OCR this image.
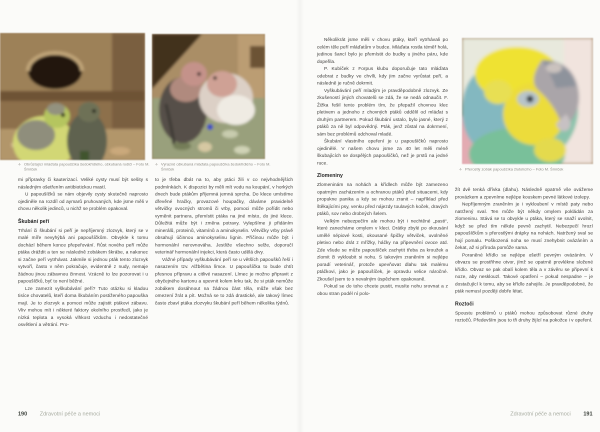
✛ Obrůstající mláďata papouščíka šedokřídlého, oškubaná rodiči – Foto M. Šmrček
✛ Výrazně oškubaná mláďata papouščíka šedokřídlého – Foto M. Šmrček

mi přípravky či kauterizací. Veliké cysty musí být sešity s následným ošetřením antibiotickou mastí.

U papoušíčků se nám objevily cysty skutečně naprosto ojediněle na rozdíl od aymarů pruhovaných, kde jsme měli v chovu několik jedinců, u nichž se problém opakoval.

Škubání peří

Trhání či škubání si peří je nepříjemný zlozvyk, který se v malé míře nevyhýbá ani papoušíčkům. Obvykle k tomu dochází během konce přepeřování. Růst nového peří může ptáka dráždit a ten se následně zobákem škrábe, a nakonec si začne peří vytrhávat. Jakmile si jednou pták tento zlozvyk vytvoří, často v něm pokračuje, evidentně z nudy, nemaje žádnou jinou zábavnou činnost. Vzácně to lze pozorovat i u papoušíčků, byť to není běžné.

Lze zamezit vyškubávání peří? Tuto otázku si kladou tisíce chovatelů, kteří doma škubáním postiženého papouška mají. Je to zlozvyk a pomoci může zajistit ptákovi zábavu. Vliv mohou mít i některé faktory okolního prostředí, jako je nízká teplota a vysoká vlhkost vzduchu i nedostatečné osvětlení a větrání. Pro-

to je třeba dbát na to, aby ptáci žili v co nejvhodnějších podmínkách. K dispozici by měli mít vodu na koupání, v horkých dnech bude ptákům příjemná jemná sprcha. Do klece umístíme dřevěné hračky, provazové houpačky, dáváme pravidelně větvičky ovocných stromů či vrby, pomoci může pořídit nebo vyměnit partnera, přemístit ptáka na jiné místo, do jiné klece. Důležitá může být i změna potravy. Vylepšíme ji přidáním minerálů, proteinů, vitamínů a aminokyselin. Větvičky vrby právě obsahují účinnou aminokyselinu lignin. Příčinou může být i hormonální nerovnováha. Jestliže všechno selže, doporučí veterinář hormonální injekci, která často udělá divy.

Vážné případy vyškubávání peří se u větších papoušků řeší i nasazením tzv. Alžbětina límce. U papoušíčka to bude chtít přesnou přípravu a citlivé nasazení. Límec je možno připravit z obyčejného kartonu a upevnit kolem krku tak, že si pták nemůže zobákem dosáhnout na žádnou část těla, může však bez omezení žrát a pít. Možná se to zdá drastické, ale takový límec často zbaví ptáka zlozvyku škubání peří během několika týdnů.

190 Zdravotní péče a nemoci

Několikrát jsme měli v chovu ptáky, kteří vytrhávali po celém těle peří mláďatům v budce. Mláďata rostla téměř holá, jedinou šancí bylo je přemístit do budky u jiného páru, kde dopeřila.

P. Kubíček z Forpus klubu doporučuje tato mláďata odebrat z budky ve chvíli, kdy jim začne vyrůstat peří, a následně je ručně dokrmit.

Vyškubávání peří mladým je pravděpodobně zlozvyk. Ze zkušeností jiných chovatelů se zdá, že se nedá odnaučit. F. Žižka řešil tento problém tím, že přepažil chovnou klec pletivem a jednoho z chovných ptáků oddělil od mláďat s druhým partnerem. Pokud škubání ustalo, bylo jasné, který z ptáků za ně byl odpovědný. Pták, jenž zůstal na dokrmení, sám bez problémů odchoval mladé.

Škubání vlastního opeření je u papoušíčků naprosto ojedinělé. V našem chovu jsme za 40 let měli méně škubajících se dospělých papoušíčků, než je prstů na jedné ruce.

Zlomeniny

Zlomeninám na nohách a křídlech může být zamezeno opatrným zacházením a ochranou ptáků před situacemi, kdy propukne panika a kdy se mohou zranit – například před štěkajícími psy, venku před nájezdy toulavých koček, dravých ptáků, sov nebo drobných šelem.

Velkým nebezpečím ale mohou být i nechtěné „pasti“, které zanecháme omylem v kleci. Drátky zbylé po okousání umělé sépiové kosti, okousané špičky větviček, uvolněné pletivo nebo drát z mřížky, háčky na připevnění ovoce atd. Zde všude se může papoušíček zachytit třeba za kroužek a zlomit či vykloubit si nohu. S takovým zraněním si nejlépe poradí veterinář, protože upevňovat dlahu tak malému ptáčkovi, jako je papoušíček, je opravdu velice náročné. Zkoušel jsem to s nevalným úspěchem opakovaně.

Pokud se do toho chcete pustit, musíte nohu srovnat a z obou stran podél ní polo-

✛ Přerostlý zobák papouščíka žlutolícího – Foto M. Šmrček

žít dvě tenká dřívka (dlahu). Následně opatrně vše ovážeme provázkem a zpevníme nejlépe kouskem pevné látkové izolepy.

Nepříjemným zraněním je i vykloubení v místě paty nebo natržený sval. Ten může být někdy omylem pokládán za zlomeninu. Stává se to obvykle u ptáka, který se snaží uvolnit, když se před tím někde pevně zachytil. Nebezpečí hrozí papoušíčkům s přerostlými drápky na nohách. Natržený sval se hojí pomalu. Poškozená noha se musí znehybnit ovázáním a čekat, až si příroda pomůže sama.

Poraněné křídlo se nejlépe ošetří pevným ovázáním. V obvazu se prostřihne otvor, jímž se opatrně provlékne složené křídlo. Obvaz se pak obalí kolem těla a v závěru se připevní k noze, aby nesklouzl. Takové opatření – pokud nespadne – je dostačující k tomu, aby se křídlo zahojilo. Je pravděpodobné, že pták nemusí později dobře létat.

Roztoči

Spoustu problémů u ptáků mohou způsobovat různé druhy roztočů. Především jsou to tři druhy žijící na pokožce i v opeření.

Zdravotní péče a nemoci 191
